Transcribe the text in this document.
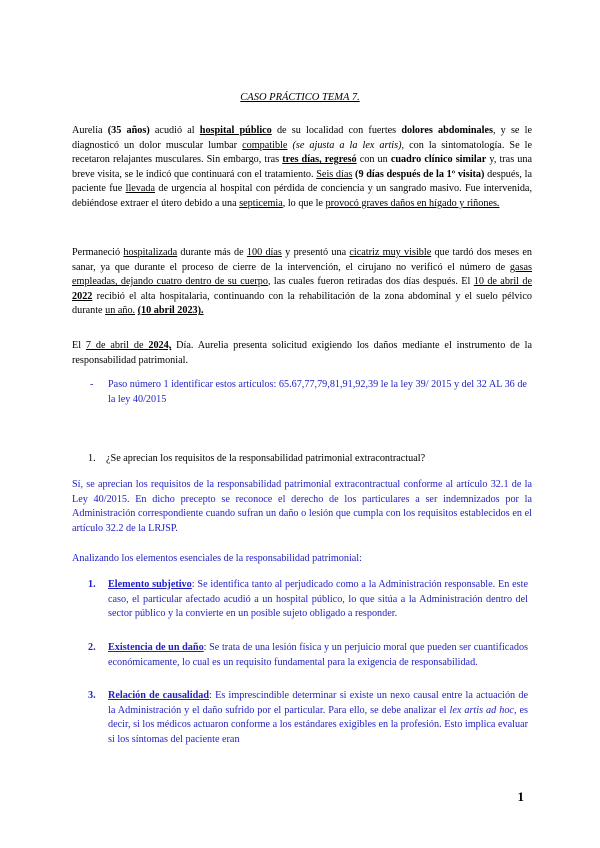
CASO PRÁCTICO TEMA 7.

Aurelia (35 años) acudió al hospital público de su localidad con fuertes dolores abdominales, y se le diagnosticó un dolor muscular lumbar compatible (se ajusta a la lex artis), con la sintomatología. Se le recetaron relajantes musculares. Sin embargo, tras tres días, regresó con un cuadro clínico similar y, tras una breve visita, se le indicó que continuará con el tratamiento. Seis días (9 días después de la 1º visita) después, la paciente fue llevada de urgencia al hospital con pérdida de conciencia y un sangrado masivo. Fue intervenida, debiéndose extraer el útero debido a una septicemia, lo que le provocó graves daños en hígado y riñones.

Permaneció hospitalizada durante más de 100 días y presentó una cicatriz muy visible que tardó dos meses en sanar, ya que durante el proceso de cierre de la intervención, el cirujano no verificó el número de gasas empleadas, dejando cuatro dentro de su cuerpo, las cuales fueron retiradas dos días después. El 10 de abril de 2022 recibió el alta hospitalaria, continuando con la rehabilitación de la zona abdominal y el suelo pélvico durante un año. (10 abril 2023).

El 7 de abril de 2024, Día. Aurelia presenta solicitud exigiendo los daños mediante el instrumento de la responsabilidad patrimonial.

- Paso número 1 identificar estos artículos: 65.67,77,79,81,91,92,39 le la ley 39/ 2015 y del 32 AL 36 de la ley 40/2015
1. ¿Se aprecian los requisitos de la responsabilidad patrimonial extracontractual?

Sí, se aprecian los requisitos de la responsabilidad patrimonial extracontractual conforme al artículo 32.1 de la Ley 40/2015. En dicho precepto se reconoce el derecho de los particulares a ser indemnizados por la Administración correspondiente cuando sufran un daño o lesión que cumpla con los requisitos establecidos en el artículo 32.2 de la LRJSP.

Analizando los elementos esenciales de la responsabilidad patrimonial:

1. Elemento subjetivo: Se identifica tanto al perjudicado como a la Administración responsable. En este caso, el particular afectado acudió a un hospital público, lo que sitúa a la Administración dentro del sector público y la convierte en un posible sujeto obligado a responder.
2. Existencia de un daño: Se trata de una lesión física y un perjuicio moral que pueden ser cuantificados económicamente, lo cual es un requisito fundamental para la exigencia de responsabilidad.
3. Relación de causalidad: Es imprescindible determinar si existe un nexo causal entre la actuación de la Administración y el daño sufrido por el particular. Para ello, se debe analizar el lex artis ad hoc, es decir, si los médicos actuaron conforme a los estándares exigibles en la profesión. Esto implica evaluar si los síntomas del paciente eran
1
